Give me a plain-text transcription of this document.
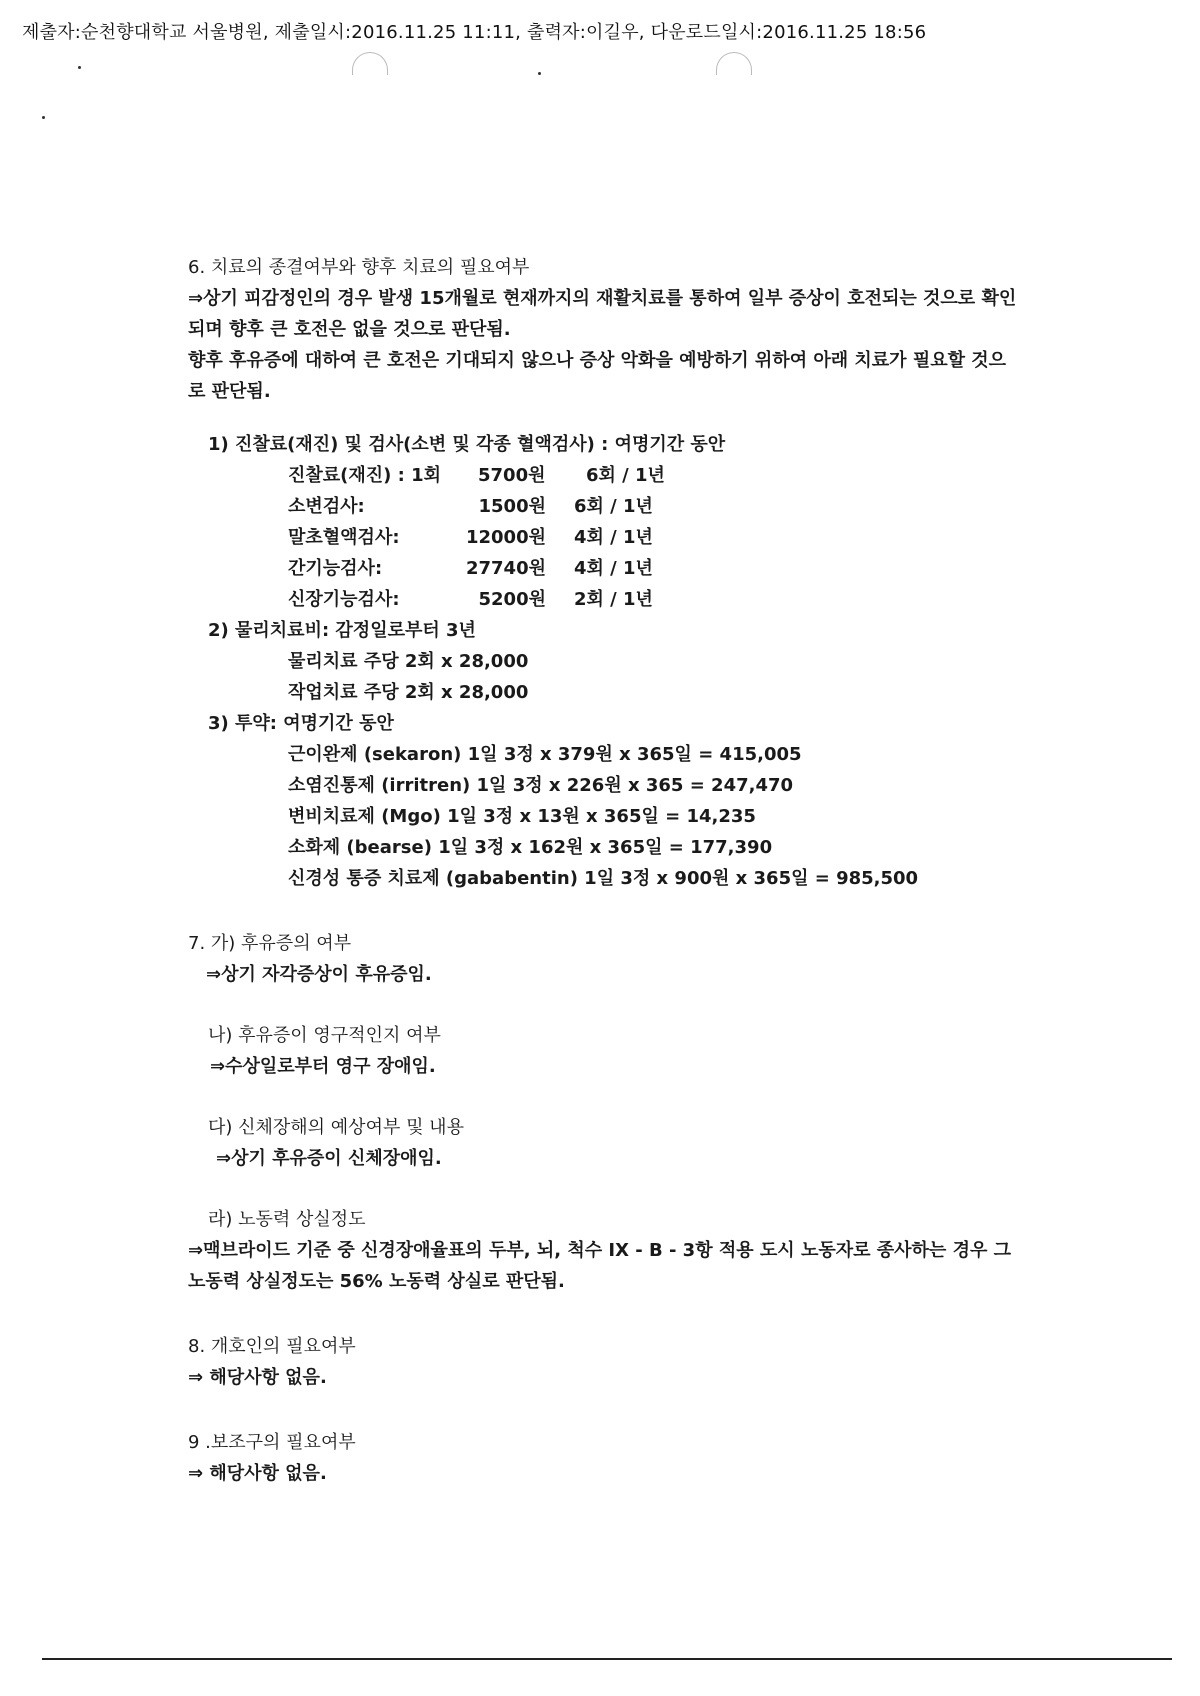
제출자:순천향대학교 서울병원, 제출일시:2016.11.25 11:11, 출력자:이길우, 다운로드일시:2016.11.25 18:56
6. 치료의 종결여부와 향후 치료의 필요여부
⇒상기 피감정인의 경우 발생 15개월로 현재까지의 재활치료를 통하여 일부 증상이 호전되는 것으로 확인되며 향후 큰 호전은 없을 것으로 판단됨.
향후 후유증에 대하여 큰 호전은 기대되지 않으나 증상 악화을 예방하기 위하여 아래 치료가 필요할 것으로 판단됨.
1) 진찰료(재진) 및 검사(소변 및 각종 혈액검사) : 여명기간 동안
진찰료(재진) : 1회	5700원	6회 / 1년
소변검사:	1500원	6회 / 1년
말초혈액검사:	12000원	4회 / 1년
간기능검사:	27740원	4회 / 1년
신장기능검사:	5200원	2회 / 1년
2) 물리치료비: 감정일로부터 3년
물리치료 주당 2회 x 28,000
작업치료 주당 2회 x 28,000
3) 투약: 여명기간 동안
근이완제 (sekaron) 1일 3정 x 379원 x 365일 = 415,005
소염진통제 (irritren) 1일 3정 x 226원 x 365 = 247,470
변비치료제 (Mgo) 1일 3정 x 13원 x 365일 = 14,235
소화제 (bearse) 1일 3정 x 162원 x 365일 = 177,390
신경성 통증 치료제 (gababentin) 1일 3정 x 900원 x 365일 = 985,500
7. 가) 후유증의 여부
⇒상기 자각증상이 후유증임.
나) 후유증이 영구적인지 여부
⇒수상일로부터 영구 장애임.
다) 신체장해의 예상여부 및 내용
⇒상기 후유증이 신체장애임.
라) 노동력 상실정도
⇒맥브라이드 기준 중 신경장애율표의 두부, 뇌, 척수 IX - B - 3항 적용 도시 노동자로 종사하는 경우 그 노동력 상실정도는 56% 노동력 상실로 판단됨.
8. 개호인의 필요여부
⇒ 해당사항 없음.
9 .보조구의 필요여부
⇒ 해당사항 없음.
